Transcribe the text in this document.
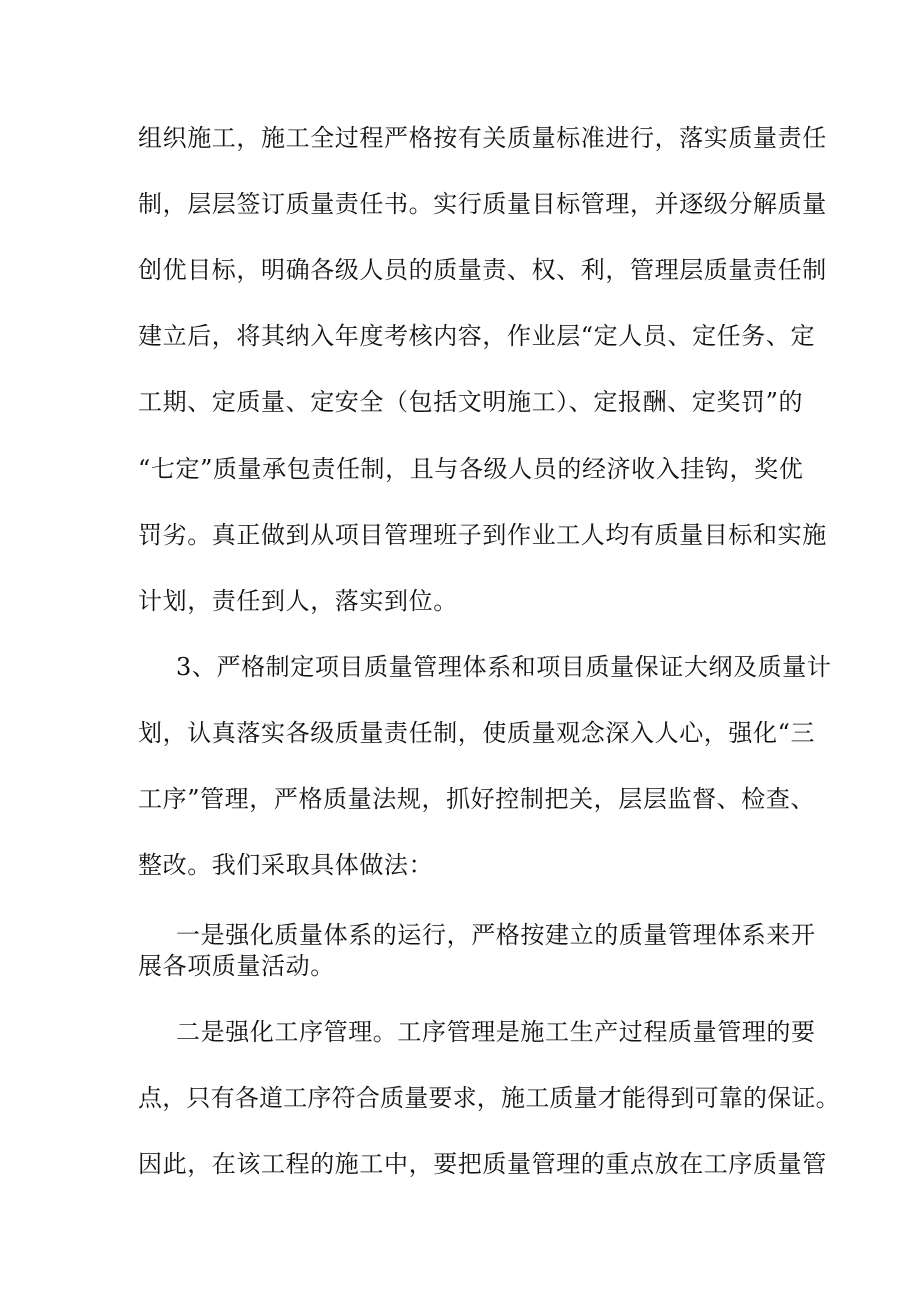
组织施工，施工全过程严格按有关质量标准进行，落实质量责任
制，层层签订质量责任书。实行质量目标管理，并逐级分解质量
创优目标，明确各级人员的质量责、权、利，管理层质量责任制
建立后，将其纳入年度考核内容，作业层“定人员、定任务、定
工期、定质量、定安全（包括文明施工）、定报酬、定奖罚”的
“七定”质量承包责任制，且与各级人员的经济收入挂钩，奖优
罚劣。真正做到从项目管理班子到作业工人均有质量目标和实施
计划，责任到人，落实到位。
3、严格制定项目质量管理体系和项目质量保证大纲及质量计
划，认真落实各级质量责任制，使质量观念深入人心，强化“三
工序”管理，严格质量法规，抓好控制把关，层层监督、检查、
整改。我们采取具体做法：
一是强化质量体系的运行，严格按建立的质量管理体系来开
展各项质量活动。
二是强化工序管理。工序管理是施工生产过程质量管理的要
点，只有各道工序符合质量要求，施工质量才能得到可靠的保证。
因此，在该工程的施工中，要把质量管理的重点放在工序质量管
